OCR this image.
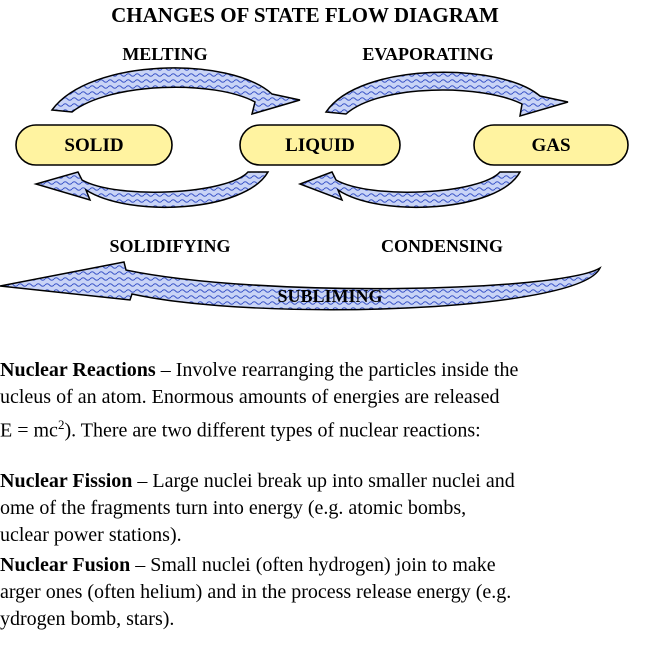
CHANGES OF STATE FLOW DIAGRAM
MELTING	EVAPORATING
SOLIDIFYING	CONDENSING
SUBLIMING
SOLID	LIQUID	GAS

Nuclear Reactions – Involve rearranging the particles inside the

ucleus of an atom. Enormous amounts of energies are released

$E = mc^2$). There are two different types of nuclear reactions:

Nuclear Fission – Large nuclei break up into smaller nuclei and

ome of the fragments turn into energy (e.g. atomic bombs,

uclear power stations).

Nuclear Fusion – Small nuclei (often hydrogen) join to make

arger ones (often helium) and in the process release energy (e.g.

ydrogen bomb, stars).
